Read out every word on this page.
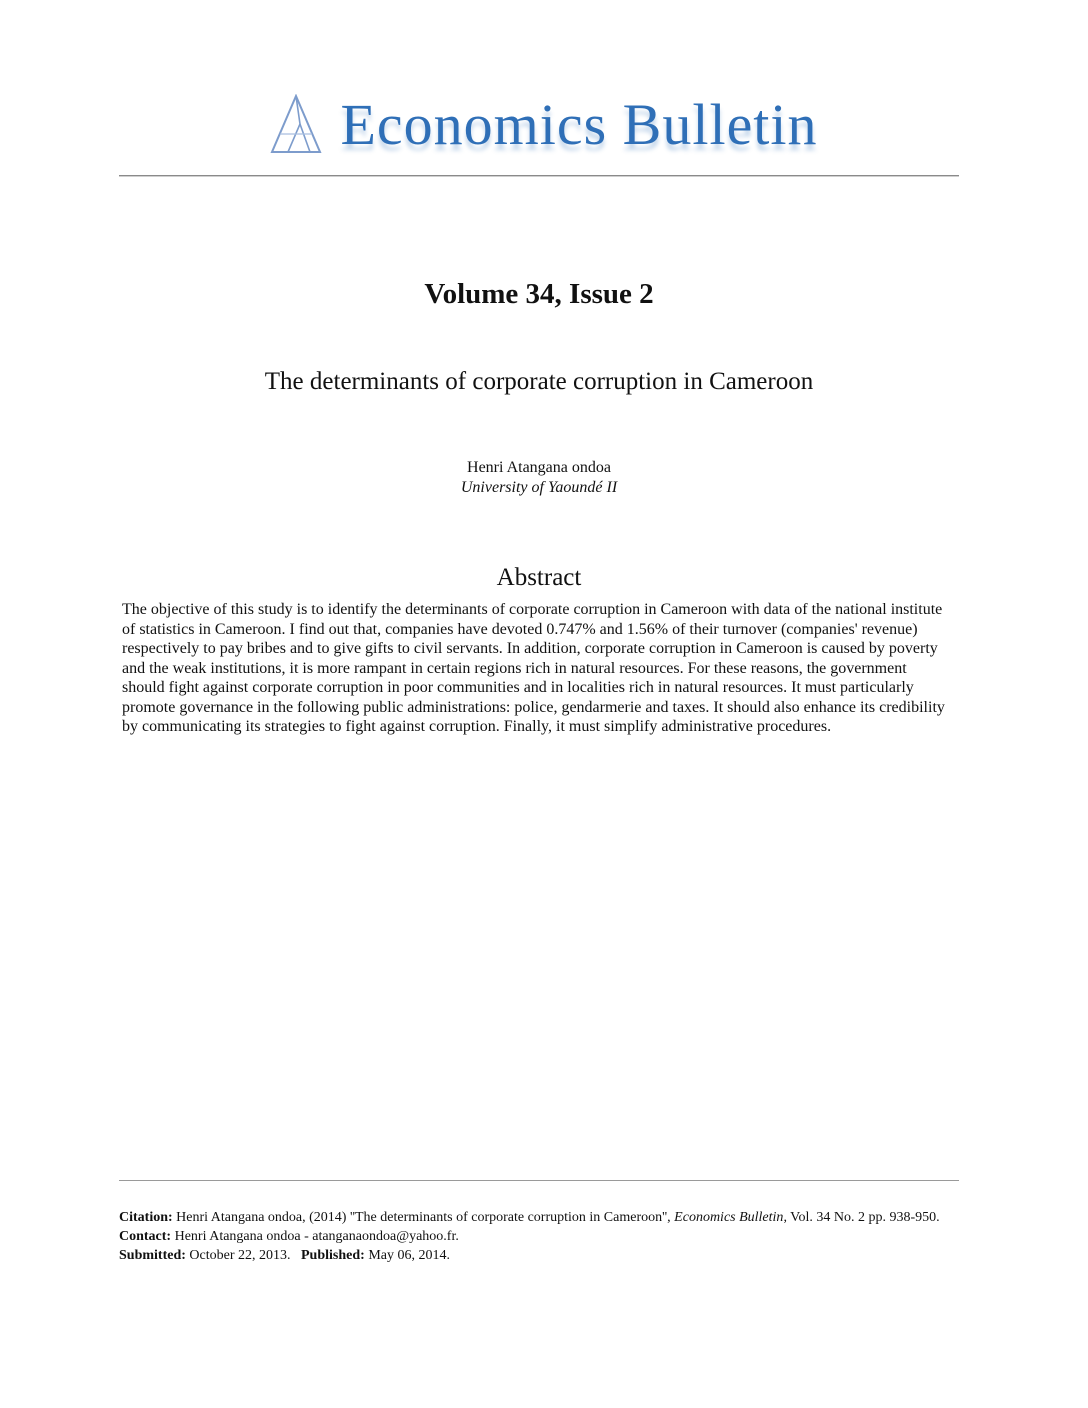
Economics Bulletin
Volume 34, Issue 2
The determinants of corporate corruption in Cameroon
Henri Atangana ondoa
University of Yaoundé II
Abstract
The objective of this study is to identify the determinants of corporate corruption in Cameroon with data of the national institute of statistics in Cameroon. I find out that, companies have devoted 0.747% and 1.56% of their turnover (companies' revenue) respectively to pay bribes and to give gifts to civil servants. In addition, corporate corruption in Cameroon is caused by poverty and the weak institutions, it is more rampant in certain regions rich in natural resources. For these reasons, the government should fight against corporate corruption in poor communities and in localities rich in natural resources. It must particularly promote governance in the following public administrations: police, gendarmerie and taxes. It should also enhance its credibility by communicating its strategies to fight against corruption. Finally, it must simplify administrative procedures.

Citation: Henri Atangana ondoa, (2014) ''The determinants of corporate corruption in Cameroon'', Economics Bulletin, Vol. 34 No. 2 pp. 938-950.

Contact: Henri Atangana ondoa - atanganaondoa@yahoo.fr.

Submitted: October 22, 2013. Published: May 06, 2014.
